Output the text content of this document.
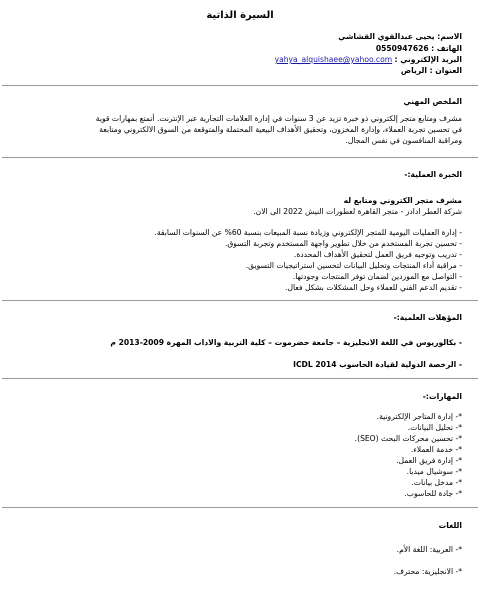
السيرة الذاتية
الاسم: يحيى عبدالقوي القشاشي
الهاتف : 0550947626
البريد الإلكتروني : yahya_alquishaee@yahoo.com
العنوان : الرياض
الملخص المهني
مشرف ومتابع متجر إلكتروني ذو خبرة تزيد عن 3 سنوات في إدارة العلامات التجارية عبر الإنترنت. أتمتع بمهارات قوية
في تحسين تجربة العملاء، وإدارة المخزون، وتحقيق الأهداف البيعية المحتملة والمتوقعة من السوق الالكتروني ومتابعة
ومراقبة المنافسون في نفس المجال.
الخبرة العملية:-
مشرف متجر الكتروني ومتابع له
شركة العطر ادادر - متجر القاهرة لعطورات النيش 2022 الى الان.
- إدارة العمليات اليومية للمتجر الإلكتروني وزيادة نسبة المبيعات بنسبة 60% عن السنوات السابقة.
- تحسين تجربة المستخدم من خلال تطوير واجهة المستخدم وتجربة التسوق.
- تدريب وتوجيه فريق العمل لتحقيق الأهداف المحددة.
- مراقبة أداء المنتجات وتحليل البيانات لتحسين استراتيجيات التسويق.
- التواصل مع الموردين لضمان توفر المنتجات وجودتها.
- تقديم الدعم الفني للعملاء وحل المشكلات بشكل فعال.
المؤهلات العلمية:-
- بكالوريوس في اللغة الانجليزية – جامعة حضرموت – كلية التربية والاداب المهرة 2009-2013 م
- الرخصة الدولية لقيادة الحاسوب ICDL 2014
المهارات:-
*- إدارة المتاجر الإلكترونية.
*- تحليل البيانات.
*- تحسين محركات البحث (SEO).
*- خدمة العملاء.
*- إدارة فريق العمل.
*- سوشيال ميديا.
*- مدخل بيانات.
*- جادة للحاسوب.
اللغات
*- العربية: اللغة الأم.
*- الانجليزية: محترف.
